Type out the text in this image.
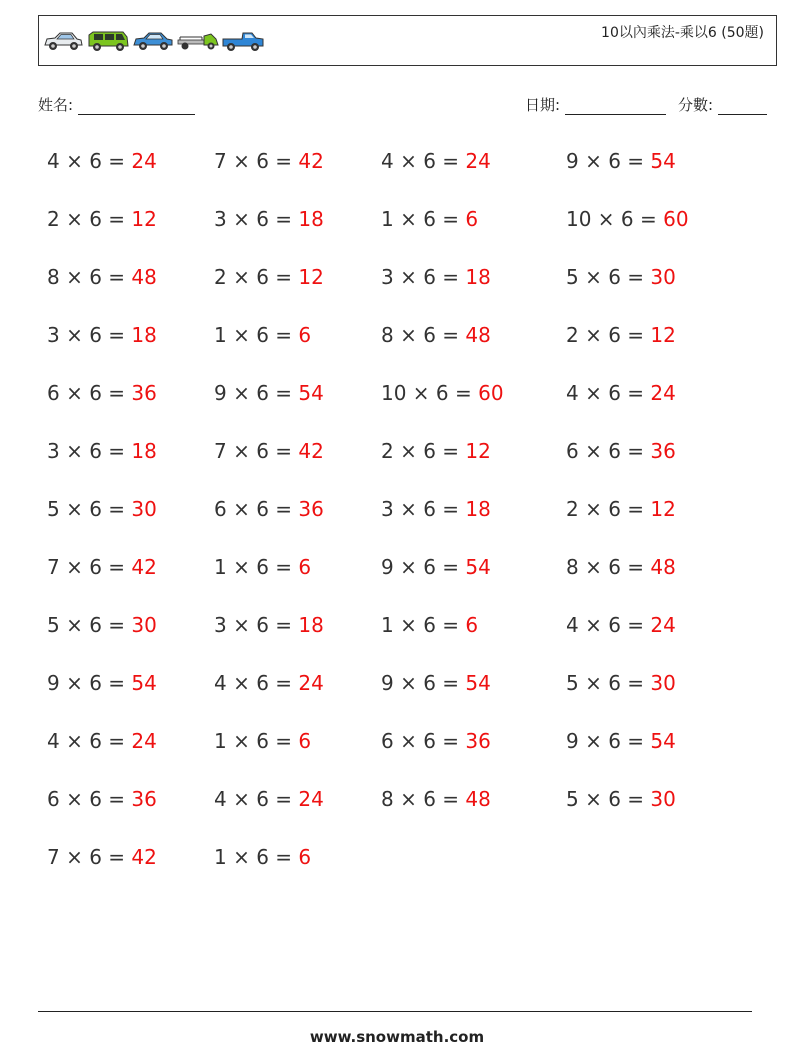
10以內乘法-乘以6 (50題)
姓名:	日期:	分數:
4 × 6 = 24	7 × 6 = 42	4 × 6 = 24	9 × 6 = 54
2 × 6 = 12	3 × 6 = 18	1 × 6 = 6	10 × 6 = 60
8 × 6 = 48	2 × 6 = 12	3 × 6 = 18	5 × 6 = 30
3 × 6 = 18	1 × 6 = 6	8 × 6 = 48	2 × 6 = 12
6 × 6 = 36	9 × 6 = 54	10 × 6 = 60	4 × 6 = 24
3 × 6 = 18	7 × 6 = 42	2 × 6 = 12	6 × 6 = 36
5 × 6 = 30	6 × 6 = 36	3 × 6 = 18	2 × 6 = 12
7 × 6 = 42	1 × 6 = 6	9 × 6 = 54	8 × 6 = 48
5 × 6 = 30	3 × 6 = 18	1 × 6 = 6	4 × 6 = 24
9 × 6 = 54	4 × 6 = 24	9 × 6 = 54	5 × 6 = 30
4 × 6 = 24	1 × 6 = 6	6 × 6 = 36	9 × 6 = 54
6 × 6 = 36	4 × 6 = 24	8 × 6 = 48	5 × 6 = 30
7 × 6 = 42	1 × 6 = 6
www.snowmath.com
